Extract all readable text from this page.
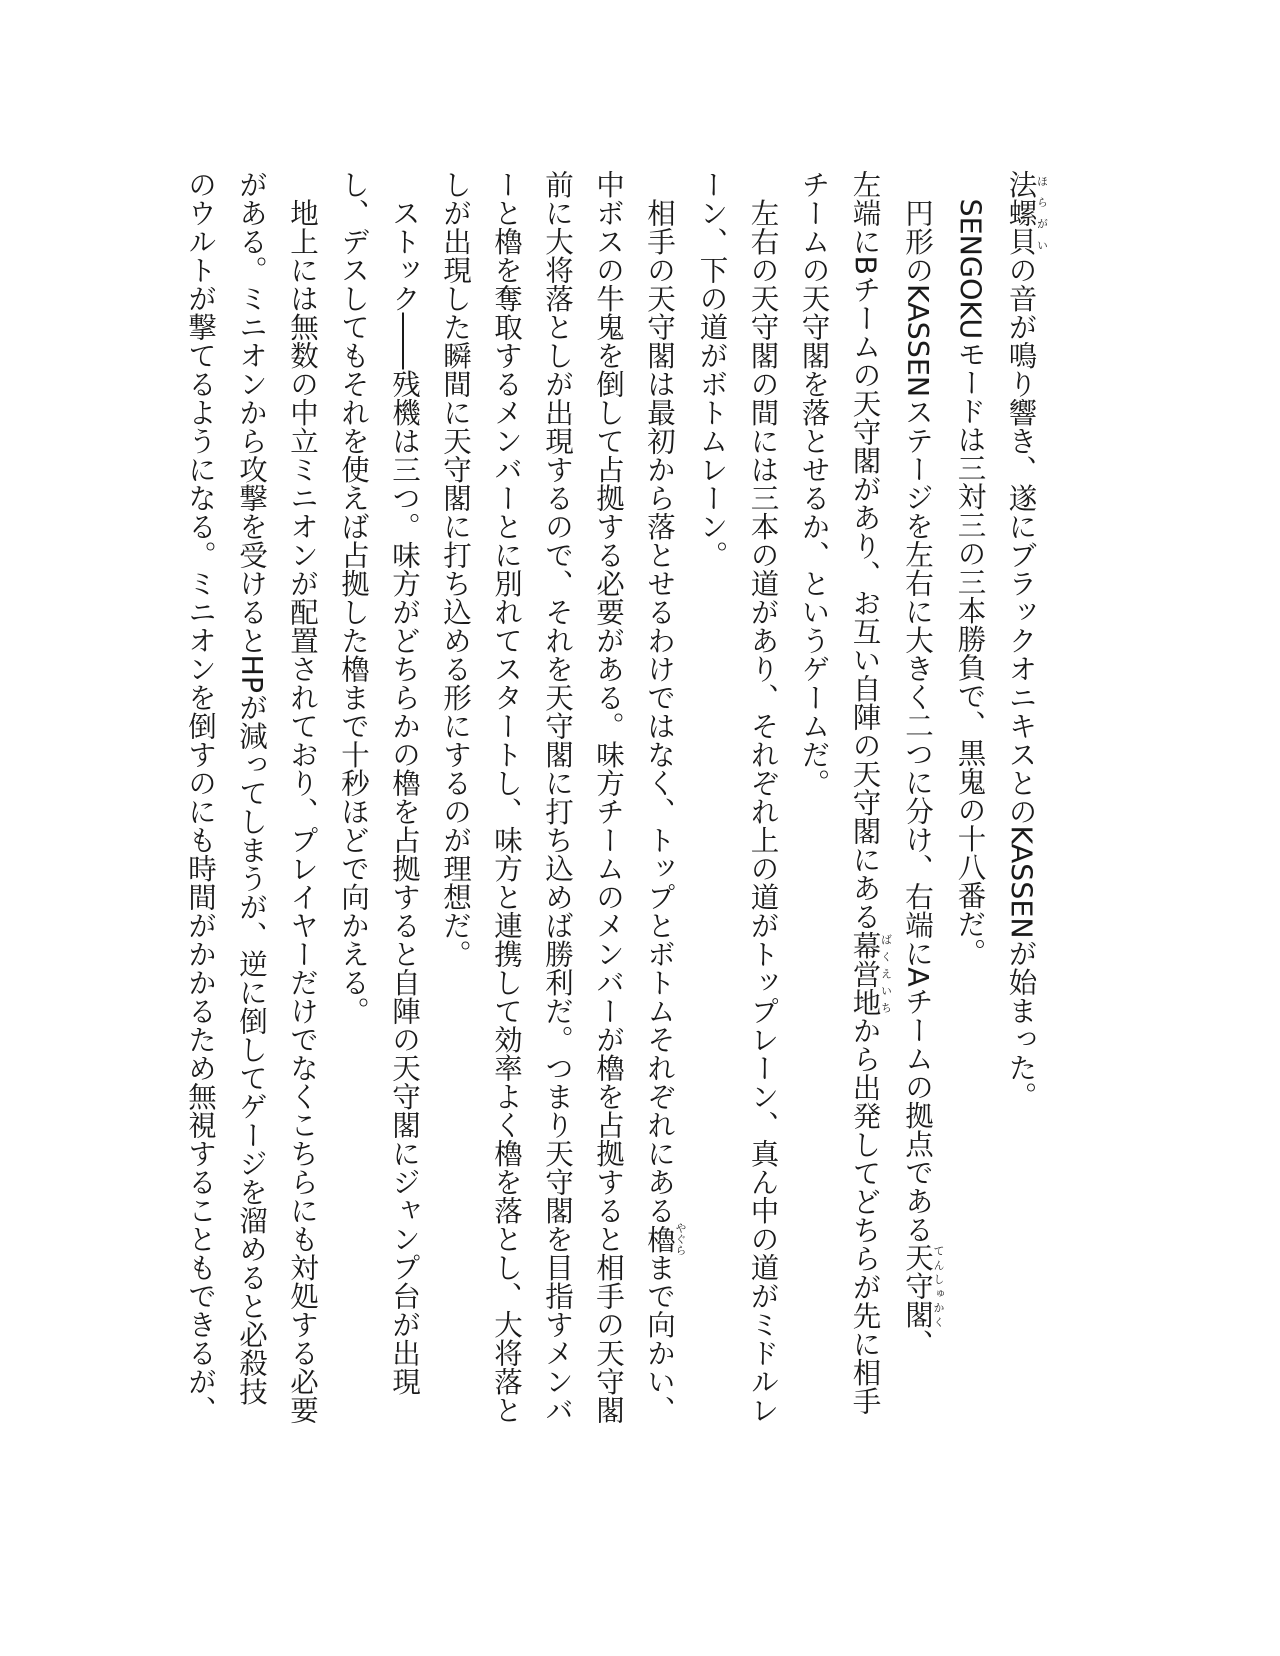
法螺貝ほらがいの音が鳴り響き、遂にブラックオニキスとのKASSENが始まった。
　SENGOKUモードは三対三の三本勝負で、黒鬼の十八番だ。
　円形のKASSENステージを左右に大きく二つに分け、右端にAチームの拠点である天守閣てんしゅかく、
左端にBチームの天守閣があり、お互い自陣の天守閣にある幕営地ばくえいちから出発してどちらが先に相手
チームの天守閣を落とせるか、というゲームだ。
　左右の天守閣の間には三本の道があり、それぞれ上の道がトップレーン、真ん中の道がミドルレ
ーン、下の道がボトムレーン。
　相手の天守閣は最初から落とせるわけではなく、トップとボトムそれぞれにある櫓やぐらまで向かい、
中ボスの牛鬼を倒して占拠する必要がある。味方チームのメンバーが櫓を占拠すると相手の天守閣
前に大将落としが出現するので、それを天守閣に打ち込めば勝利だ。つまり天守閣を目指すメンバ
ーと櫓を奪取するメンバーとに別れてスタートし、味方と連携して効率よく櫓を落とし、大将落と
しが出現した瞬間に天守閣に打ち込める形にするのが理想だ。
　ストック――残機は三つ。味方がどちらかの櫓を占拠すると自陣の天守閣にジャンプ台が出現
し、デスしてもそれを使えば占拠した櫓まで十秒ほどで向かえる。
　地上には無数の中立ミニオンが配置されており、プレイヤーだけでなくこちらにも対処する必要
がある。ミニオンから攻撃を受けるとHPが減ってしまうが、逆に倒してゲージを溜めると必殺技
のウルトが撃てるようになる。ミニオンを倒すのにも時間がかかるため無視することもできるが、
